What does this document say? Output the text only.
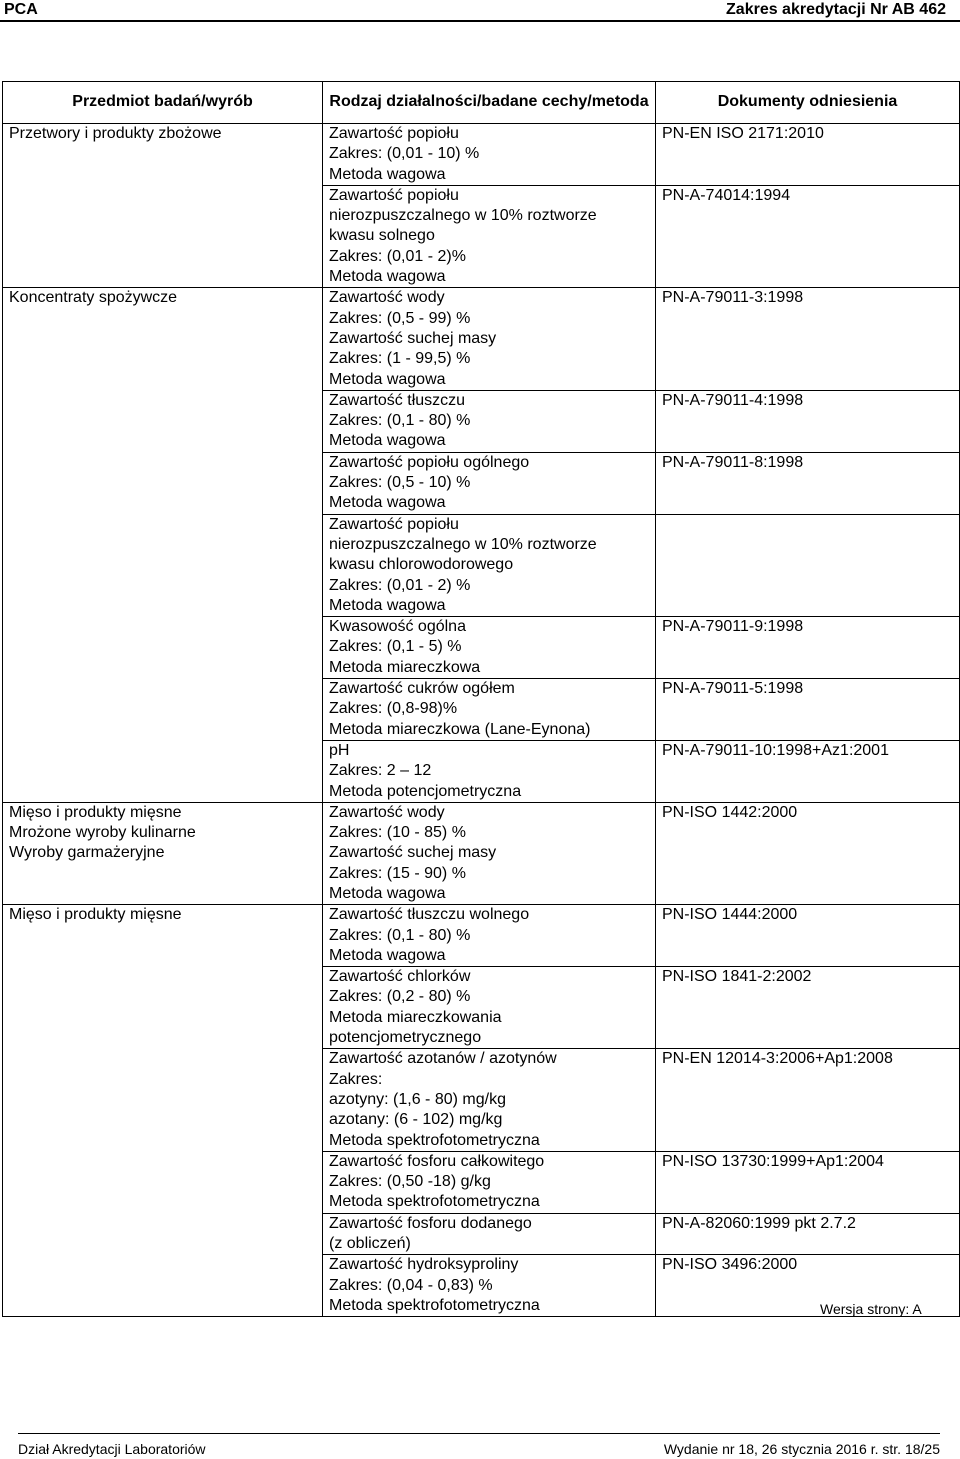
PCA	Zakres akredytacji Nr AB 462
Przedmiot badań/wyrób	Rodzaj działalności/badane cechy/metoda	Dokumenty odniesienia

Przetwory i produkty zbożowe	Zawartość popiołu
Zakres: (0,01 - 10) %
Metoda wagowa	PN-EN ISO 2171:2010

	Zawartość popiołu
nierozpuszczalnego w 10% roztworze
kwasu solnego
Zakres: (0,01 - 2)%
Metoda wagowa	PN-A-74014:1994

Koncentraty spożywcze	Zawartość wody
Zakres: (0,5 - 99) %
Zawartość suchej masy
Zakres: (1 - 99,5) %
Metoda wagowa	PN-A-79011-3:1998

	Zawartość tłuszczu
Zakres: (0,1 - 80) %
Metoda wagowa	PN-A-79011-4:1998

	Zawartość popiołu ogólnego
Zakres: (0,5 - 10) %
Metoda wagowa	PN-A-79011-8:1998

	Zawartość popiołu
nierozpuszczalnego w 10% roztworze
kwasu chlorowodorowego
Zakres: (0,01 - 2) %
Metoda wagowa	

	Kwasowość ogólna
Zakres: (0,1 - 5) %
Metoda miareczkowa	PN-A-79011-9:1998

	Zawartość cukrów ogółem
Zakres: (0,8-98)%
Metoda miareczkowa (Lane-Eynona)	PN-A-79011-5:1998

	pH
Zakres: 2 – 12
Metoda potencjometryczna	PN-A-79011-10:1998+Az1:2001

Mięso i produkty mięsne
Mrożone wyroby kulinarne
Wyroby garmażeryjne	Zawartość wody
Zakres: (10 - 85) %
Zawartość suchej masy
Zakres: (15 - 90) %
Metoda wagowa	PN-ISO 1442:2000

Mięso i produkty mięsne	Zawartość tłuszczu wolnego
Zakres: (0,1 - 80) %
Metoda wagowa	PN-ISO 1444:2000

	Zawartość chlorków
Zakres: (0,2 - 80) %
Metoda miareczkowania
potencjometrycznego	PN-ISO 1841-2:2002

	Zawartość azotanów / azotynów
Zakres:
azotyny: (1,6 - 80) mg/kg
azotany: (6 - 102) mg/kg
Metoda spektrofotometryczna	PN-EN 12014-3:2006+Ap1:2008

	Zawartość fosforu całkowitego
Zakres: (0,50 -18) g/kg
Metoda spektrofotometryczna	PN-ISO 13730:1999+Ap1:2004

	Zawartość fosforu dodanego
(z obliczeń)	PN-A-82060:1999 pkt 2.7.2

	Zawartość hydroksyproliny
Zakres: (0,04 - 0,83) %
Metoda spektrofotometryczna	PN-ISO 3496:2000
Wersja strony: A
Dział Akredytacji Laboratoriów	Wydanie nr 18, 26 stycznia 2016 r. str. 18/25
